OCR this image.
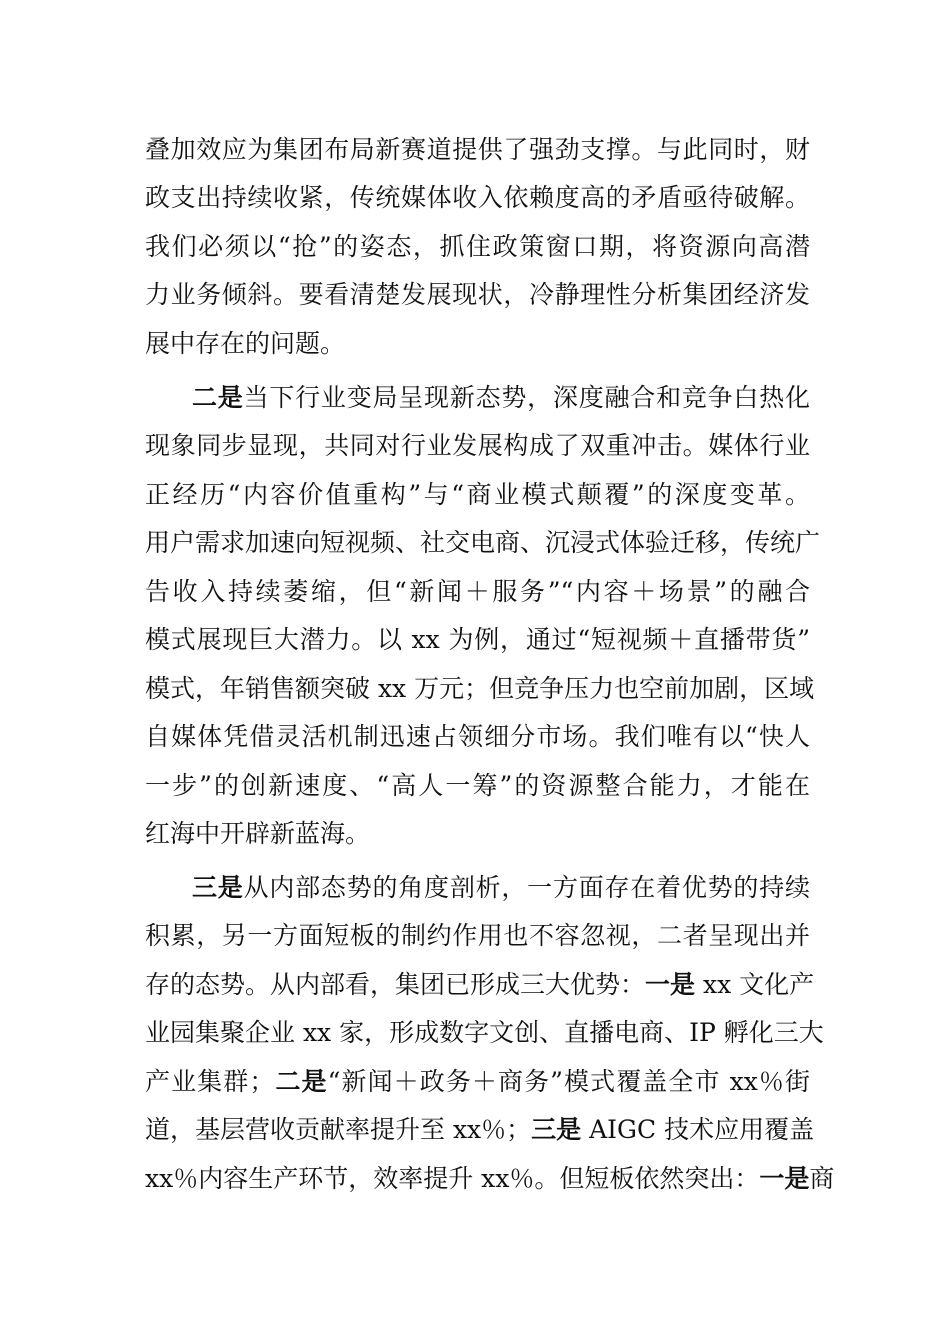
叠加效应为集团布局新赛道提供了强劲支撑。与此同时，财
政支出持续收紧，传统媒体收入依赖度高的矛盾亟待破解。
我们必须以“抢”的姿态，抓住政策窗口期，将资源向高潜
力业务倾斜。要看清楚发展现状，冷静理性分析集团经济发
展中存在的问题。
二是当下行业变局呈现新态势，深度融合和竞争白热化
现象同步显现，共同对行业发展构成了双重冲击。媒体行业
正经历“内容价值重构”与“商业模式颠覆”的深度变革。
用户需求加速向短视频、社交电商、沉浸式体验迁移，传统广
告收入持续萎缩，但“新闻＋服务”“内容＋场景”的融合
模式展现巨大潜力。以 xx 为例，通过“短视频＋直播带货”
模式，年销售额突破 xx 万元；但竞争压力也空前加剧，区域
自媒体凭借灵活机制迅速占领细分市场。我们唯有以“快人
一步”的创新速度、“高人一筹”的资源整合能力，才能在
红海中开辟新蓝海。
三是从内部态势的角度剖析，一方面存在着优势的持续
积累，另一方面短板的制约作用也不容忽视，二者呈现出并
存的态势。从内部看，集团已形成三大优势：一是 xx 文化产
业园集聚企业 xx 家，形成数字文创、直播电商、IP 孵化三大
产业集群；二是“新闻＋政务＋商务”模式覆盖全市 xx％街
道，基层营收贡献率提升至 xx％；三是 AIGC 技术应用覆盖
xx％内容生产环节，效率提升 xx％。但短板依然突出：一是商
